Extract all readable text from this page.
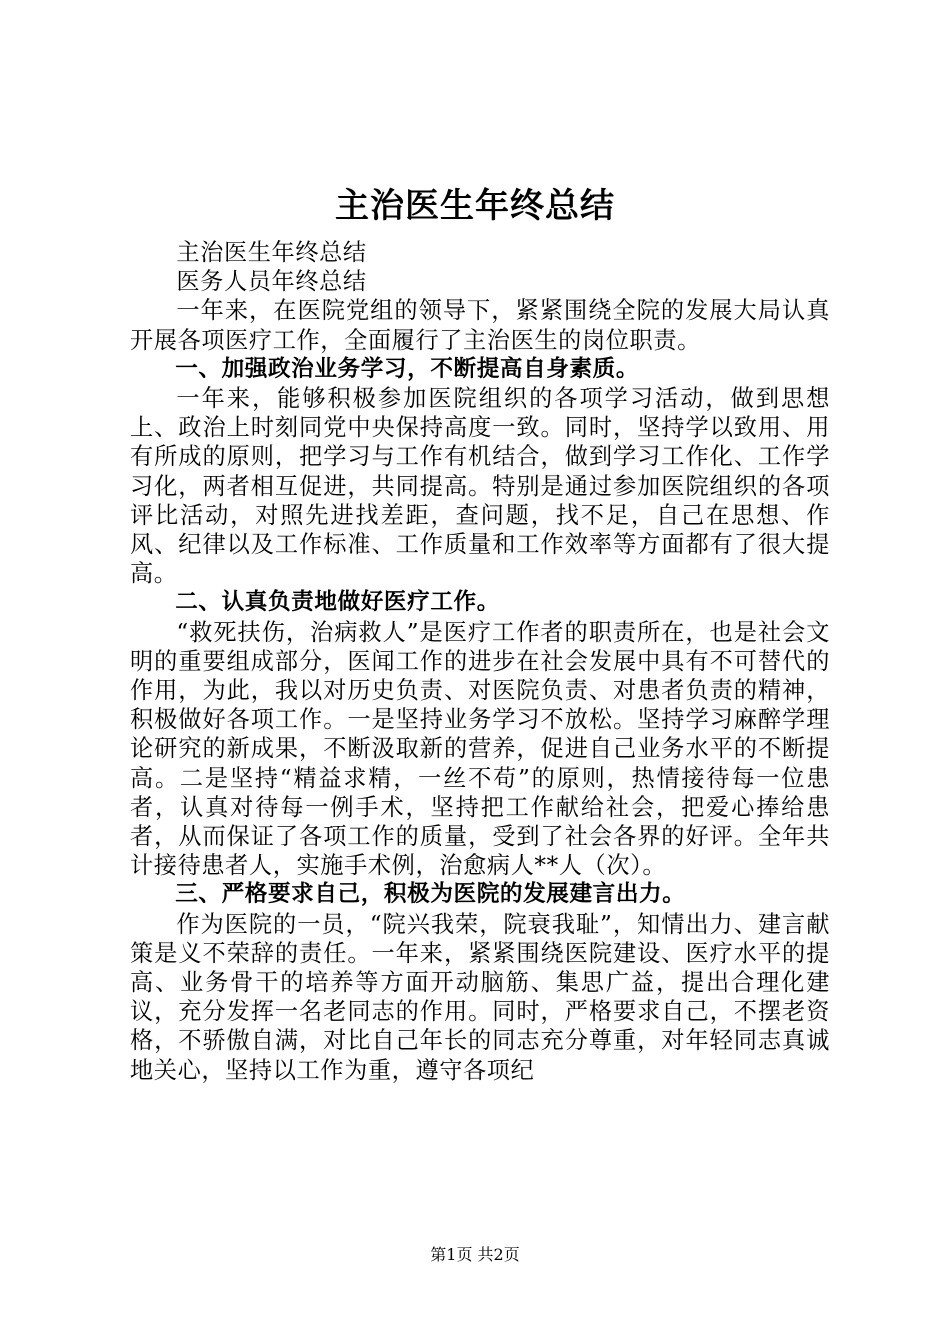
主治医生年终总结

主治医生年终总结

医务人员年终总结

一年来，在医院党组的领导下，紧紧围绕全院的发展大局认真开展各项医疗工作，全面履行了主治医生的岗位职责。

一、加强政治业务学习，不断提高自身素质。

一年来，能够积极参加医院组织的各项学习活动，做到思想上、政治上时刻同党中央保持高度一致。同时，坚持学以致用、用有所成的原则，把学习与工作有机结合，做到学习工作化、工作学习化，两者相互促进，共同提高。特别是通过参加医院组织的各项评比活动，对照先进找差距，查问题，找不足，自己在思想、作风、纪律以及工作标准、工作质量和工作效率等方面都有了很大提高。

二、认真负责地做好医疗工作。

“救死扶伤，治病救人”是医疗工作者的职责所在，也是社会文明的重要组成部分，医闻工作的进步在社会发展中具有不可替代的作用，为此，我以对历史负责、对医院负责、对患者负责的精神，积极做好各项工作。一是坚持业务学习不放松。坚持学习麻醉学理论研究的新成果，不断汲取新的营养，促进自己业务水平的不断提高。二是坚持“精益求精，一丝不苟”的原则，热情接待每一位患者，认真对待每一例手术，坚持把工作献给社会，把爱心捧给患者，从而保证了各项工作的质量，受到了社会各界的好评。全年共计接待患者人，实施手术例，治愈病人**人（次）。

三、严格要求自己，积极为医院的发展建言出力。

作为医院的一员，“院兴我荣，院衰我耻”，知情出力、建言献策是义不荣辞的责任。一年来，紧紧围绕医院建设、医疗水平的提高、业务骨干的培养等方面开动脑筋、集思广益，提出合理化建议，充分发挥一名老同志的作用。同时，严格要求自己，不摆老资格，不骄傲自满，对比自己年长的同志充分尊重，对年轻同志真诚地关心，坚持以工作为重，遵守各项纪

第1页 共2页
